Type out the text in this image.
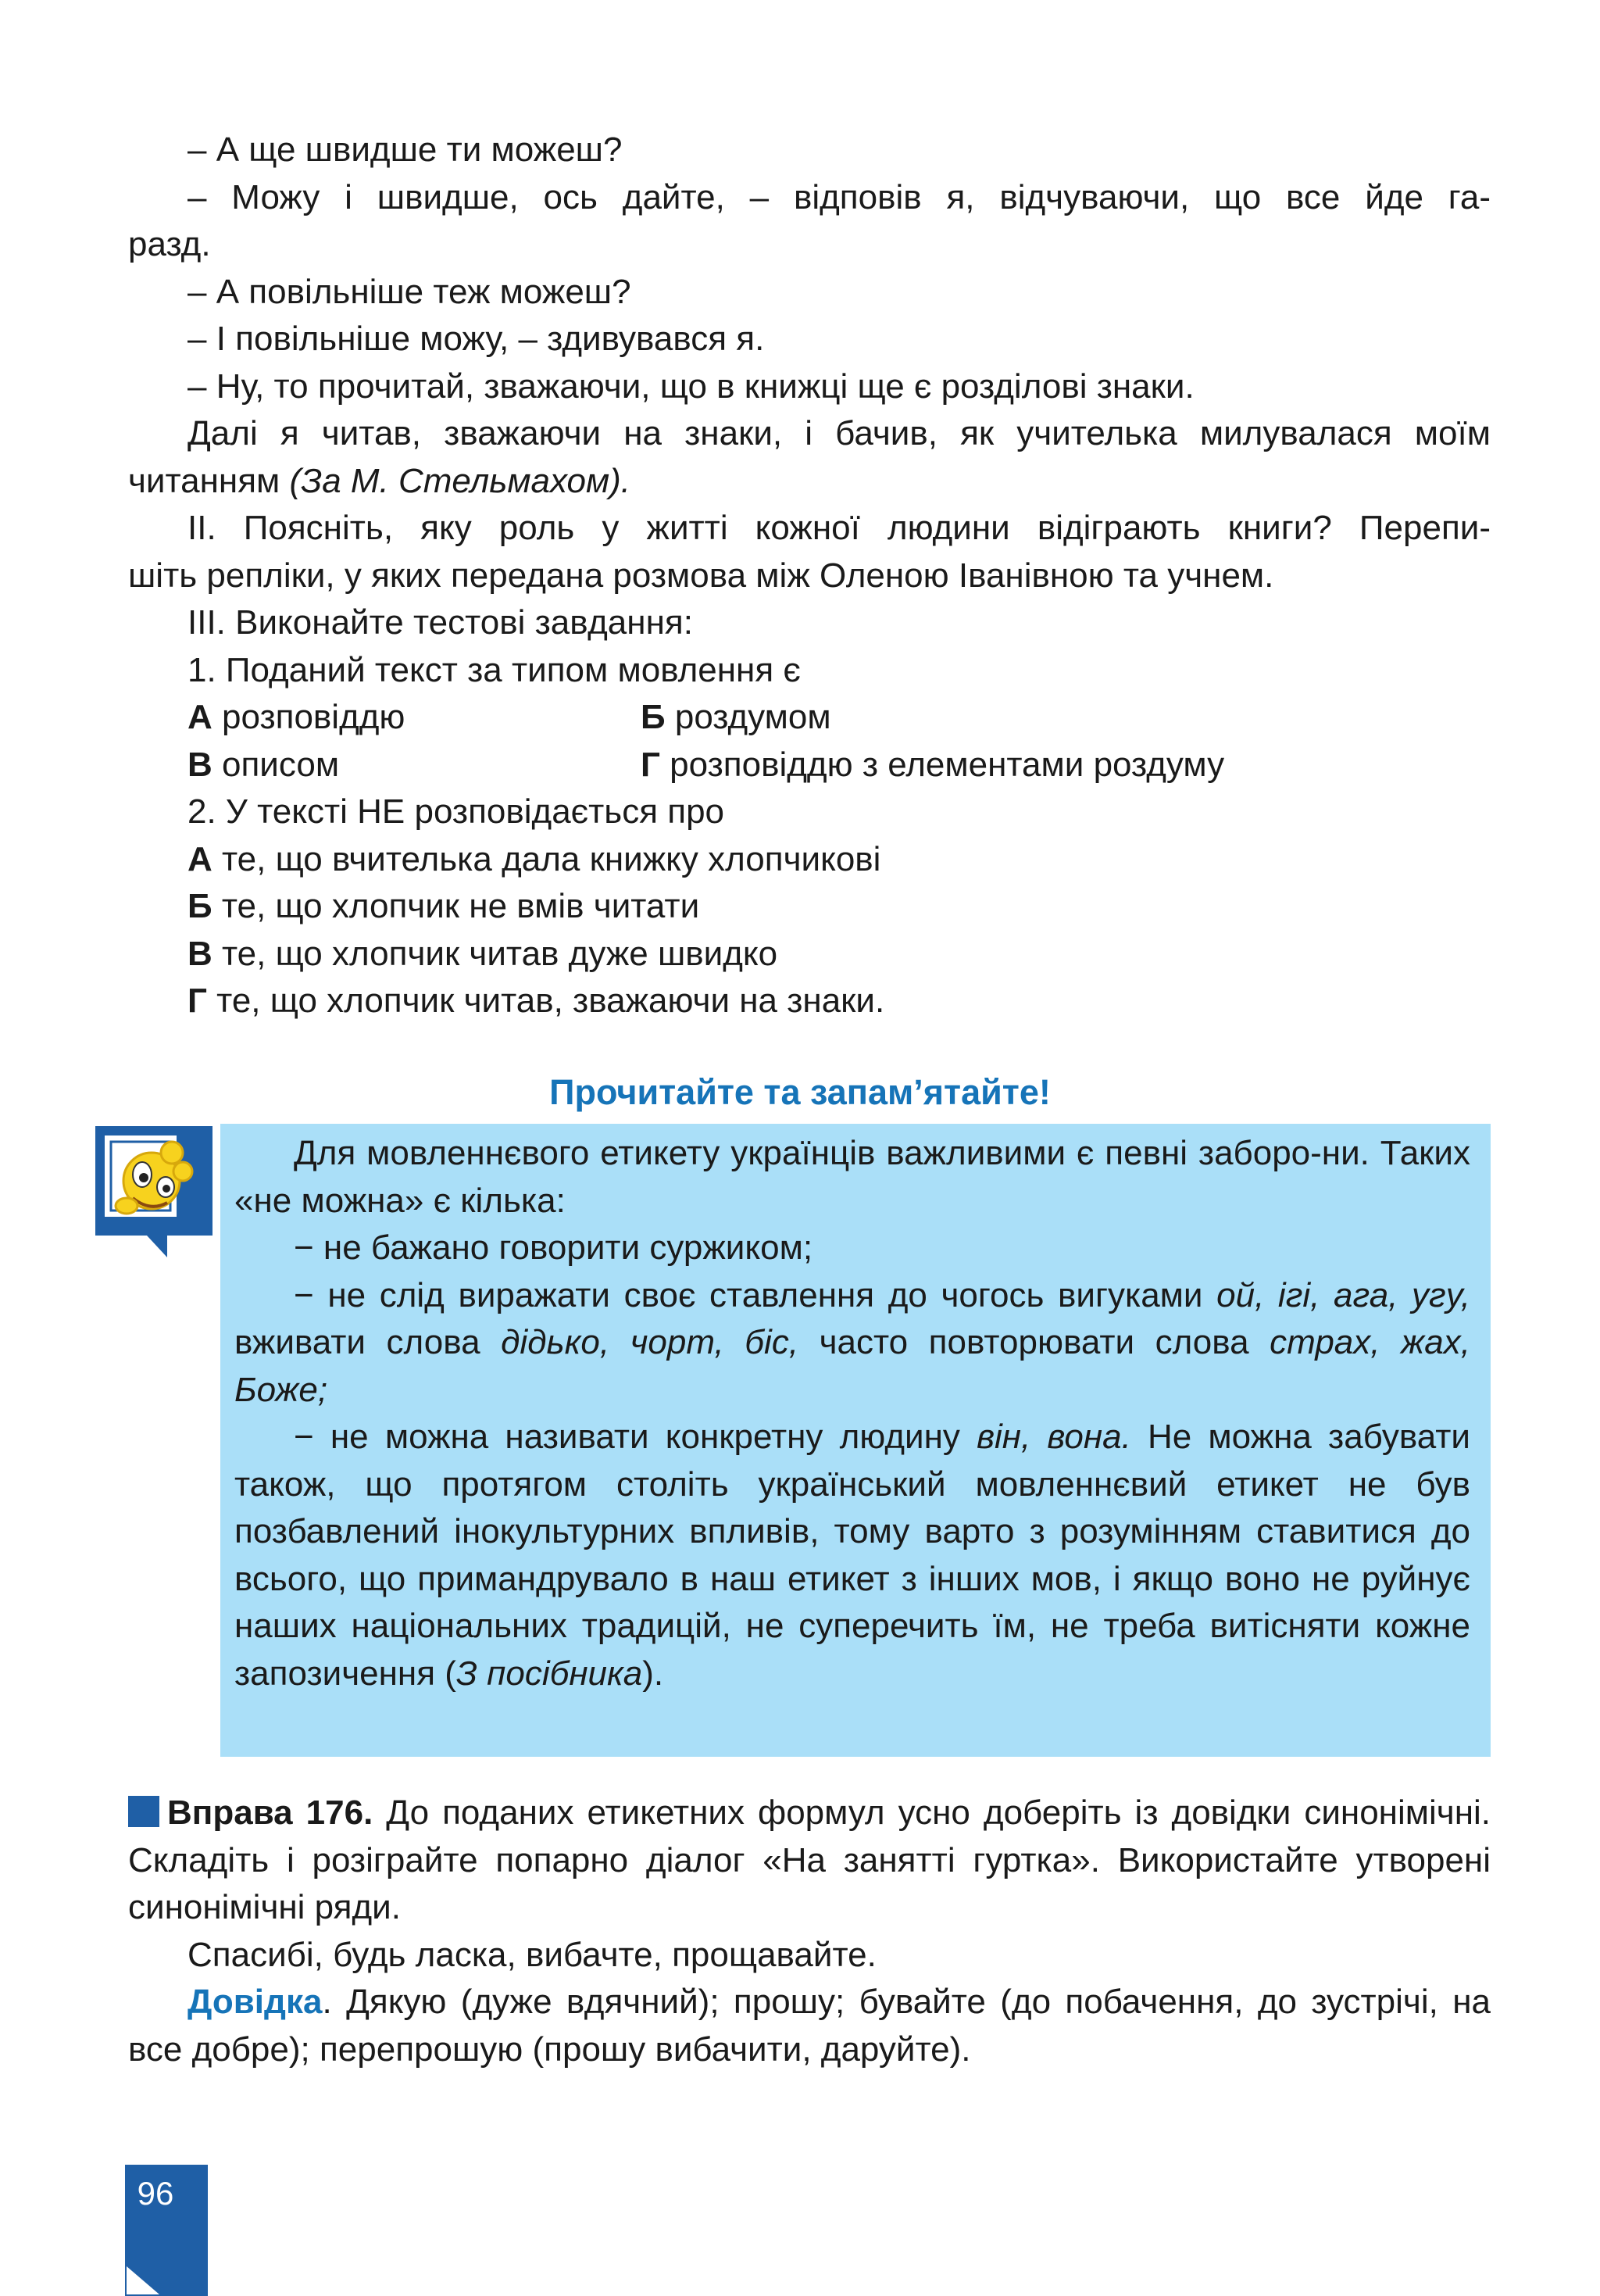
– А ще швидше ти можеш?

– Можу і швидше, ось дайте, – відповів я, відчуваючи, що все йде га-

разд.

– А повільніше теж можеш?

– І повільніше можу, – здивувався я.

– Ну, то прочитай, зважаючи, що в книжці ще є розділові знаки.

Далі я читав, зважаючи на знаки, і бачив, як учителька милувалася моїм

читанням (За М. Стельмахом).

ІІ. Поясніть, яку роль у житті кожної людини відіграють книги? Перепи-

шіть репліки, у яких передана розмова між Оленою Іванівною та учнем.

ІІІ. Виконайте тестові завдання:

1. Поданий текст за типом мовлення є

А розповіддю	Б роздумом
В описом	Г розповіддю з елементами роздуму

2. У тексті НЕ розповідається про

А те, що вчителька дала книжку хлопчикові

Б те, що хлопчик не вмів читати

В те, що хлопчик читав дуже швидко

Г те, що хлопчик читав, зважаючи на знаки.

Прочитайте та запам’ятайте!

Для мовленнєвого етикету українців важливими є певні заборо-ни. Таких «не можна» є кілька:

− не бажано говорити суржиком;

− не слід виражати своє ставлення до чогось вигуками ой, ігі, ага, угу, вживати слова дідько, чорт, біс, часто повторювати слова страх, жах, Боже;

− не можна називати конкретну людину він, вона. Не можна забувати також, що протягом століть український мовленнєвий етикет не був позбавлений інокультурних впливів, тому варто з розумінням ставитися до всього, що примандрувало в наш етикет з інших мов, і якщо воно не руйнує наших національних традицій, не суперечить їм, не треба витісняти кожне запозичення (З посібника).

Вправа 176. До поданих етикетних формул усно доберіть із довідки синонімічні. Складіть і розіграйте попарно діалог «На занятті гуртка». Використайте утворені синонімічні ряди.

Спасибі, будь ласка, вибачте, прощавайте.

Довідка. Дякую (дуже вдячний); прошу; бувайте (до побачення, до зустрічі, на все добре); перепрошую (прошу вибачити, даруйте).

96
